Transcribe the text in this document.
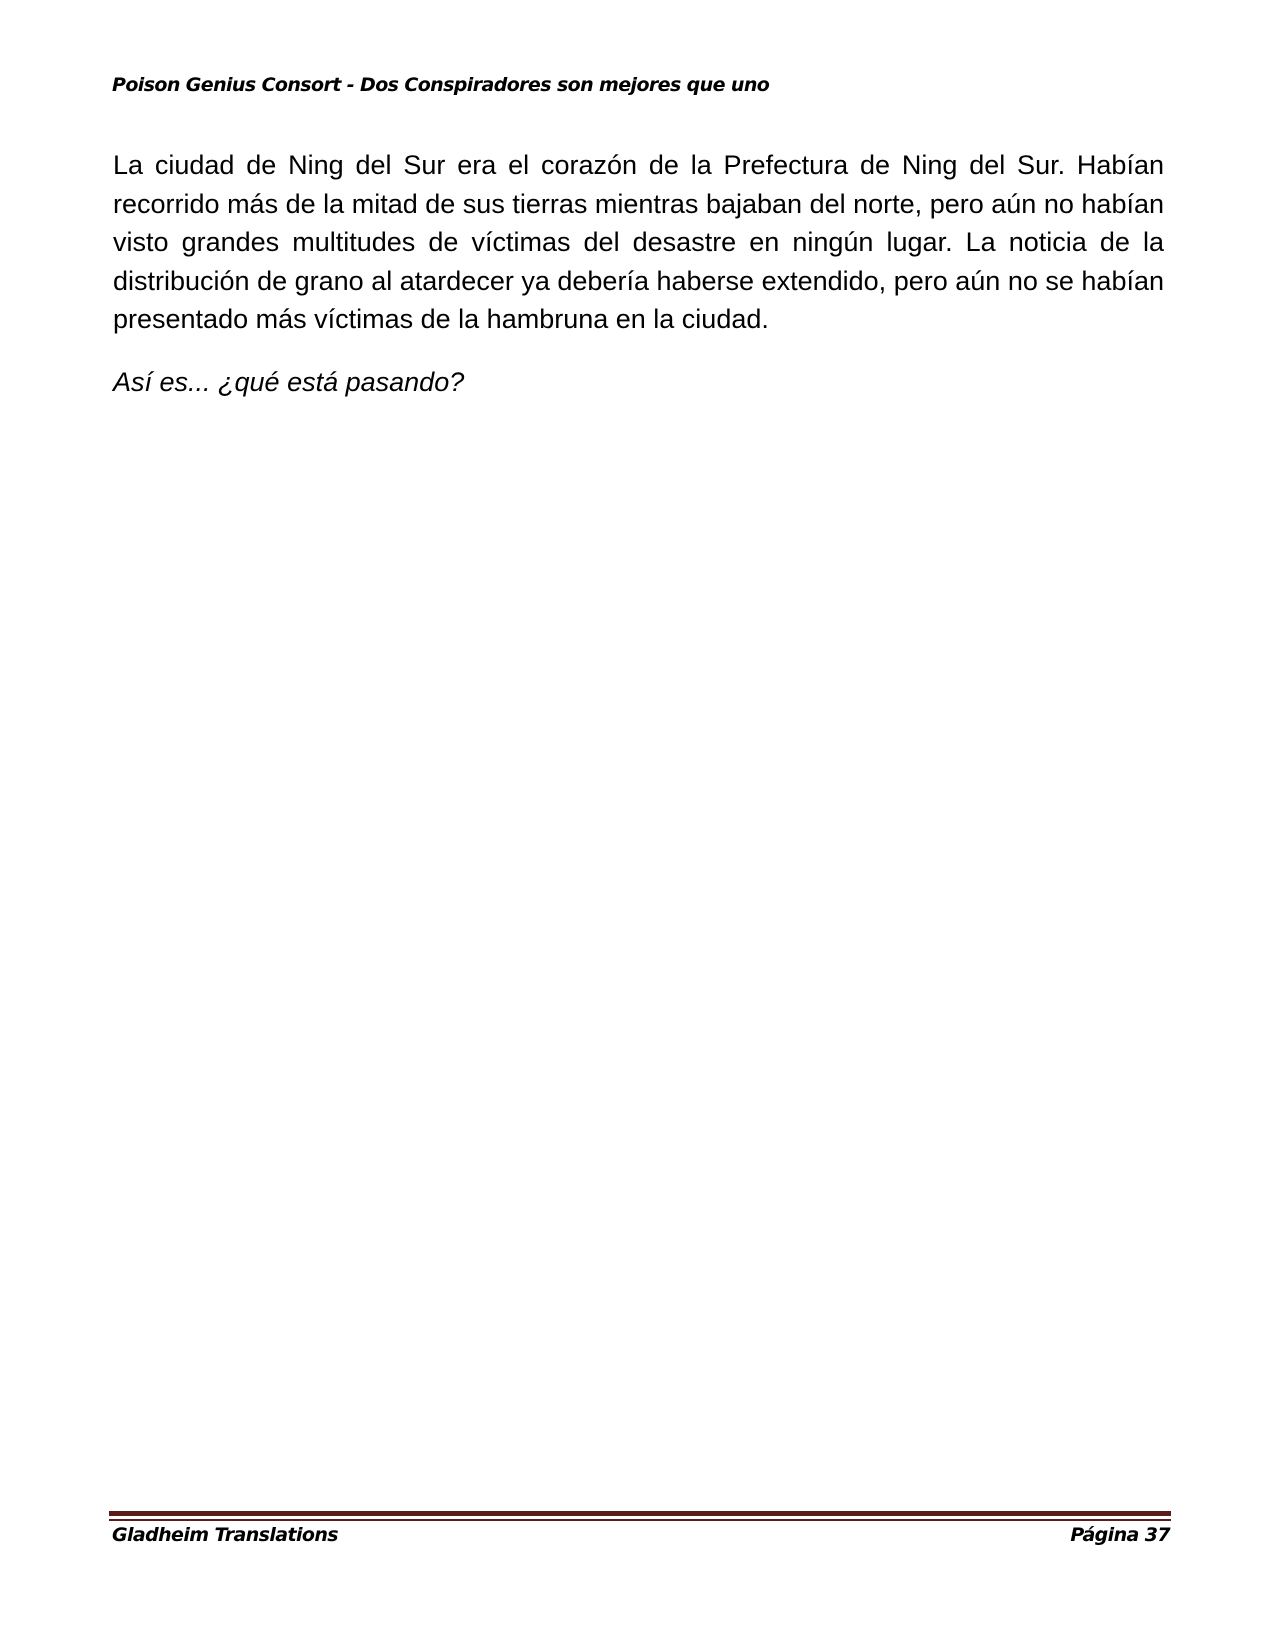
Poison Genius Consort - Dos Conspiradores son mejores que uno

La ciudad de Ning del Sur era el corazón de la Prefectura de Ning del Sur. Habían recorrido más de la mitad de sus tierras mientras bajaban del norte, pero aún no habían visto grandes multitudes de víctimas del desastre en ningún lugar. La noticia de la distribución de grano al atardecer ya debería haberse extendido, pero aún no se habían presentado más víctimas de la hambruna en la ciudad.

Así es... ¿qué está pasando?

Gladheim Translations	Página 37
